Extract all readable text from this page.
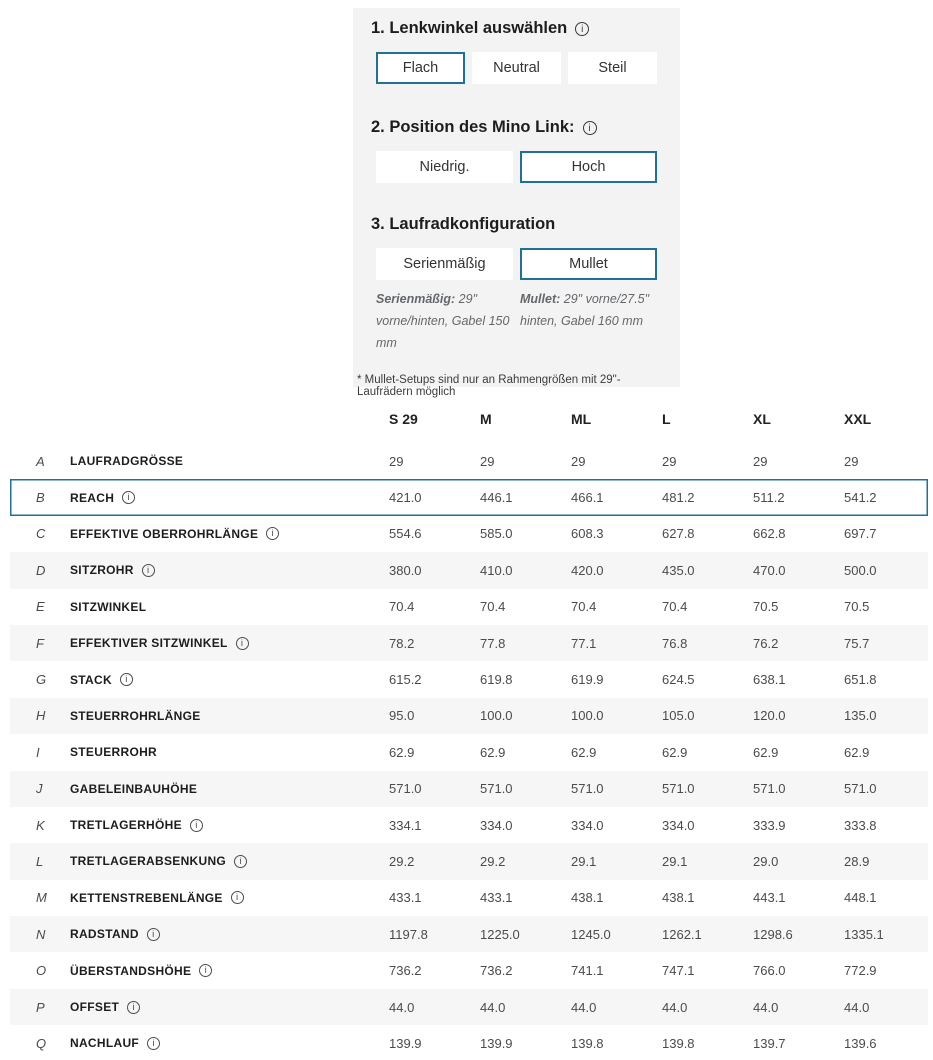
1. Lenkwinkel auswählen
i
Flach	Neutral	Steil
2. Position des Mino Link:
i
Niedrig.	Hoch
3. Laufradkonfiguration
Serienmäßig	Mullet
Serienmäßig: 29" vorne/hinten, Gabel 150 mm
Mullet: 29" vorne/27.5" hinten, Gabel 160 mm
* Mullet-Setups sind nur an Rahmengrößen mit 29"-Laufrädern möglich
S 29	M	ML	L	XL	XXL
A	LAUFRADGRÖSSE	29	29	29	29	29	29
B	REACH i	421.0	446.1	466.1	481.2	511.2	541.2
C	EFFEKTIVE OBERROHRLÄNGE i	554.6	585.0	608.3	627.8	662.8	697.7
D	SITZROHR i	380.0	410.0	420.0	435.0	470.0	500.0
E	SITZWINKEL	70.4	70.4	70.4	70.4	70.5	70.5
F	EFFEKTIVER SITZWINKEL i	78.2	77.8	77.1	76.8	76.2	75.7
G	STACK i	615.2	619.8	619.9	624.5	638.1	651.8
H	STEUERROHRLÄNGE	95.0	100.0	100.0	105.0	120.0	135.0
I	STEUERROHR	62.9	62.9	62.9	62.9	62.9	62.9
J	GABELEINBAUHÖHE	571.0	571.0	571.0	571.0	571.0	571.0
K	TRETLAGERHÖHE i	334.1	334.0	334.0	334.0	333.9	333.8
L	TRETLAGERABSENKUNG i	29.2	29.2	29.1	29.1	29.0	28.9
M	KETTENSTREBENLÄNGE i	433.1	433.1	438.1	438.1	443.1	448.1
N	RADSTAND i	1197.8	1225.0	1245.0	1262.1	1298.6	1335.1
O	ÜBERSTANDSHÖHE i	736.2	736.2	741.1	747.1	766.0	772.9
P	OFFSET i	44.0	44.0	44.0	44.0	44.0	44.0
Q	NACHLAUF i	139.9	139.9	139.8	139.8	139.7	139.6
